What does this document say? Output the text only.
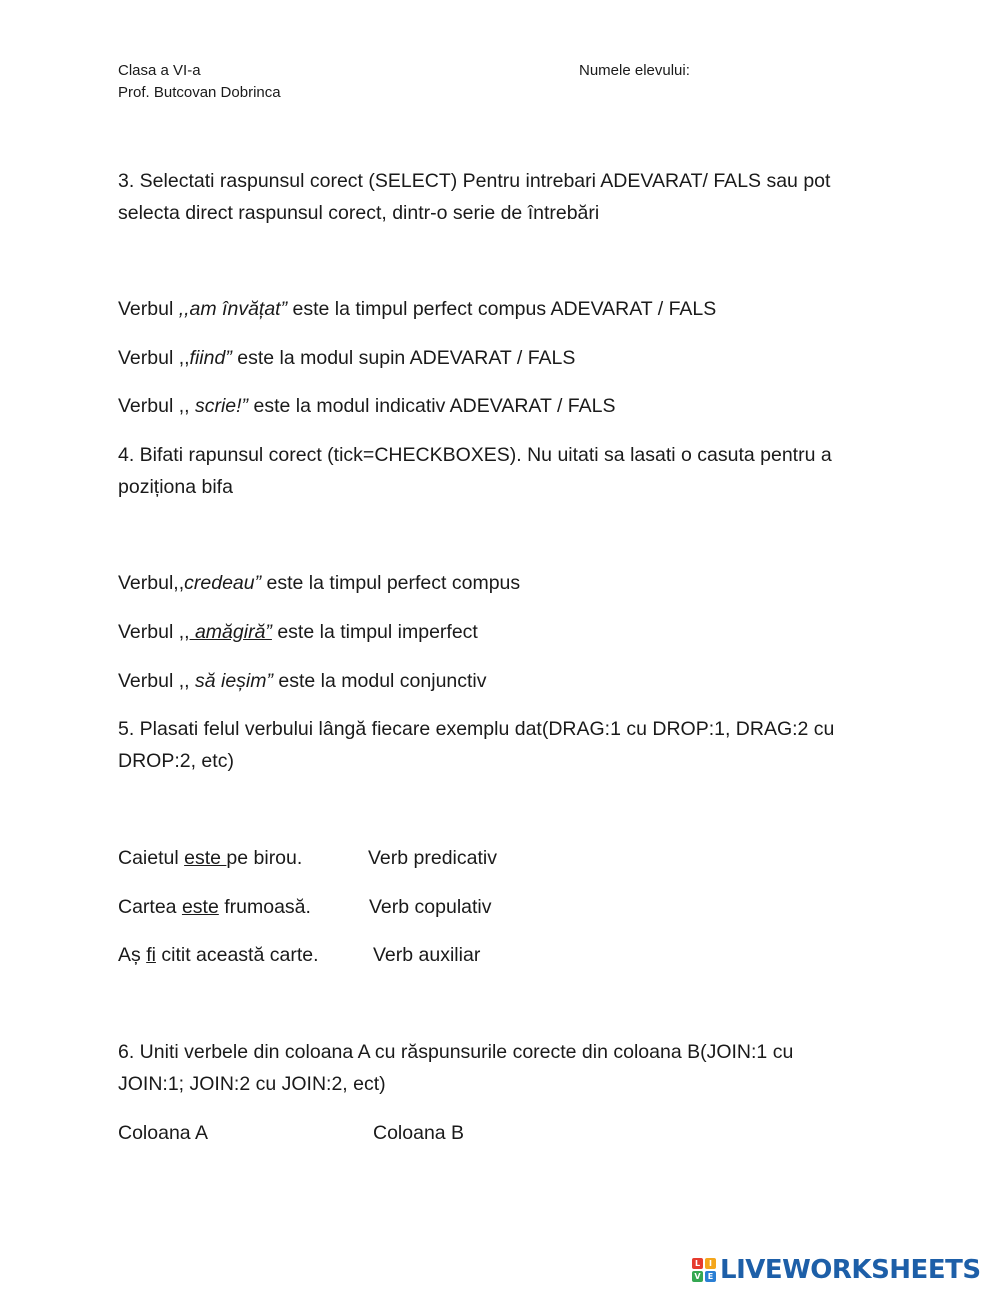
Clasa a VI-a
Prof. Butcovan Dobrinca
Numele elevului:
3. Selectati raspunsul corect (SELECT) Pentru intrebari ADEVARAT/ FALS sau pot
selecta direct raspunsul corect, dintr-o serie de întrebări
Verbul ,,am învățat” este la timpul perfect compus ADEVARAT / FALS
Verbul ,,fiind” este la modul supin ADEVARAT / FALS
Verbul ,, scrie!” este la modul indicativ ADEVARAT / FALS
4. Bifati rapunsul corect (tick=CHECKBOXES). Nu uitati sa lasati o casuta pentru a
poziționa bifa
Verbul,,credeau” este la timpul perfect compus
Verbul ,, amăgiră” este la timpul imperfect
Verbul ,, să ieșim” este la modul conjunctiv
5. Plasati felul verbului lângă fiecare exemplu dat(DRAG:1 cu DROP:1, DRAG:2 cu
DROP:2, etc)
Caietul este pe birou.	Verb predicativ
Cartea este frumoasă.	Verb copulativ
Aș fi citit această carte.	Verb auxiliar
6. Uniti verbele din coloana A cu răspunsurile corecte din coloana B(JOIN:1 cu
JOIN:1; JOIN:2 cu JOIN:2, ect)
Coloana A	Coloana B
L	I
V E LIVEWORKSHEETS
